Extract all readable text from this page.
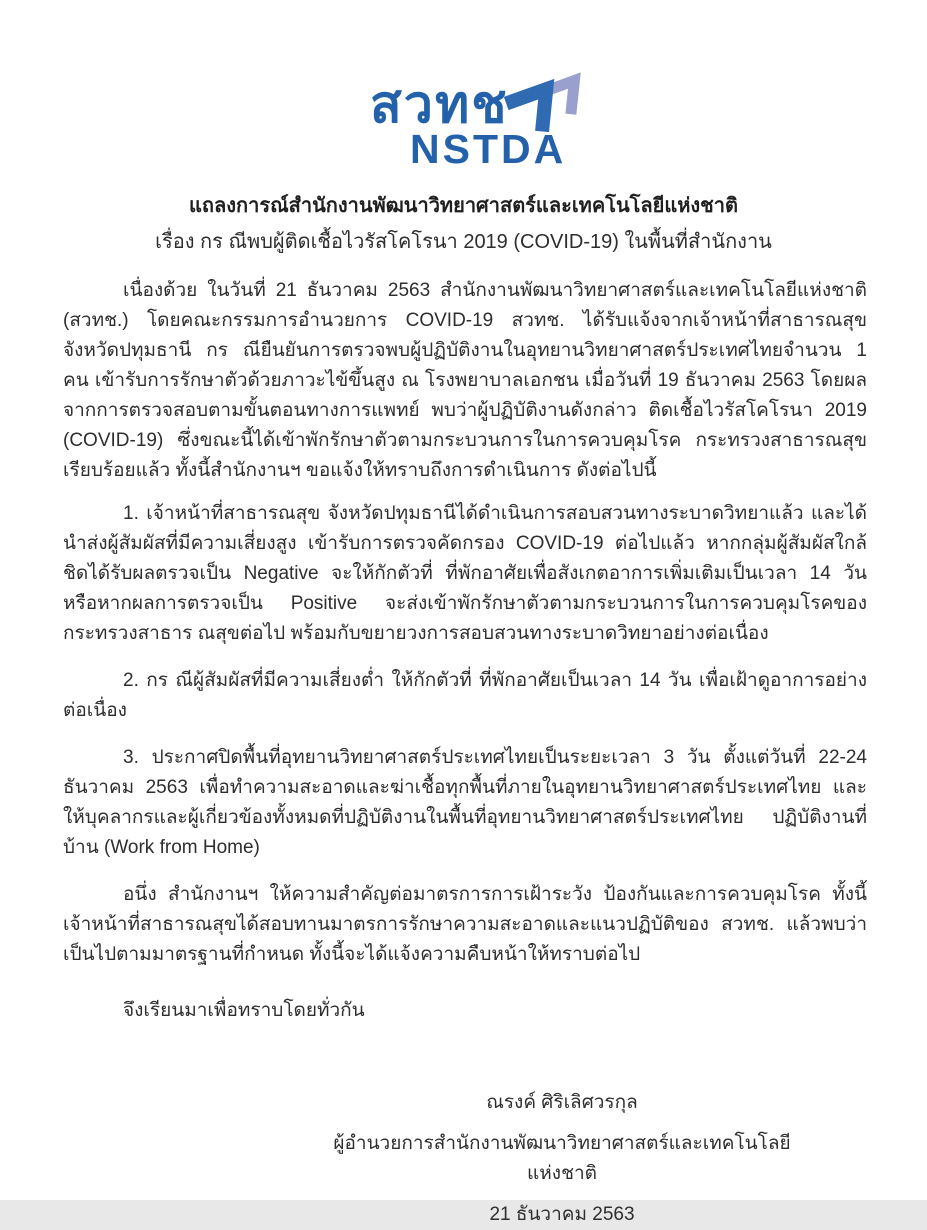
สวทช
NSTDA
แถลงการณ์สำนักงานพัฒนาวิทยาศาสตร์และเทคโนโลยีแห่งชาติ
เรื่อง กร ณีพบผู้ติดเชื้อไวรัสโคโรนา 2019 (COVID-19) ในพื้นที่สำนักงาน

เนื่องด้วย ในวันที่ 21 ธันวาคม 2563 สำนักงานพัฒนาวิทยาศาสตร์และเทคโนโลยีแห่งชาติ (สวทช.) โดยคณะกรรมการอำนวยการ COVID-19 สวทช. ได้รับแจ้งจากเจ้าหน้าที่สาธารณสุขจังหวัดปทุมธานี กร ณียืนยันการตรวจพบผู้ปฏิบัติงานในอุทยานวิทยาศาสตร์ประเทศไทยจำนวน 1 คน เข้ารับการรักษาตัวด้วยภาวะไข้ขึ้นสูง ณ โรงพยาบาลเอกชน เมื่อวันที่ 19 ธันวาคม 2563 โดยผลจากการตรวจสอบตามขั้นตอนทางการแพทย์ พบว่าผู้ปฏิบัติงานดังกล่าว ติดเชื้อไวรัสโคโรนา 2019 (COVID-19) ซึ่งขณะนี้ได้เข้าพักรักษาตัวตามกระบวนการในการควบคุมโรค กระทรวงสาธารณสุขเรียบร้อยแล้ว ทั้งนี้สำนักงานฯ ขอแจ้งให้ทราบถึงการดำเนินการ ดังต่อไปนี้

1. เจ้าหน้าที่สาธารณสุข จังหวัดปทุมธานีได้ดำเนินการสอบสวนทางระบาดวิทยาแล้ว และได้นำส่งผู้สัมผัสที่มีความเสี่ยงสูง เข้ารับการตรวจคัดกรอง COVID-19 ต่อไปแล้ว หากกลุ่มผู้สัมผัสใกล้ชิดได้รับผลตรวจเป็น Negative จะให้กักตัวที่ ที่พักอาศัยเพื่อสังเกตอาการเพิ่มเติมเป็นเวลา 14 วัน หรือหากผลการตรวจเป็น Positive จะส่งเข้าพักรักษาตัวตามกระบวนการในการควบคุมโรคของกระทรวงสาธาร ณสุขต่อไป พร้อมกับขยายวงการสอบสวนทางระบาดวิทยาอย่างต่อเนื่อง

2. กร ณีผู้สัมผัสที่มีความเสี่ยงต่ำ ให้กักตัวที่ ที่พักอาศัยเป็นเวลา 14 วัน เพื่อเฝ้าดูอาการอย่างต่อเนื่อง

3. ประกาศปิดพื้นที่อุทยานวิทยาศาสตร์ประเทศไทยเป็นระยะเวลา 3 วัน ตั้งแต่วันที่ 22-24 ธันวาคม 2563 เพื่อทำความสะอาดและฆ่าเชื้อทุกพื้นที่ภายในอุทยานวิทยาศาสตร์ประเทศไทย และให้บุคลากรและผู้เกี่ยวข้องทั้งหมดที่ปฏิบัติงานในพื้นที่อุทยานวิทยาศาสตร์ประเทศไทย ปฏิบัติงานที่บ้าน (Work from Home)

อนึ่ง สำนักงานฯ ให้ความสำคัญต่อมาตรการการเฝ้าระวัง ป้องกันและการควบคุมโรค ทั้งนี้เจ้าหน้าที่สาธารณสุขได้สอบทานมาตรการรักษาความสะอาดและแนวปฏิบัติของ สวทช. แล้วพบว่าเป็นไปตามมาตรฐานที่กำหนด ทั้งนี้จะได้แจ้งความคืบหน้าให้ทราบต่อไป

จึงเรียนมาเพื่อทราบโดยทั่วกัน

ณรงค์ ศิริเลิศวรกุล
ผู้อำนวยการสำนักงานพัฒนาวิทยาศาสตร์และเทคโนโลยีแห่งชาติ
21 ธันวาคม 2563
